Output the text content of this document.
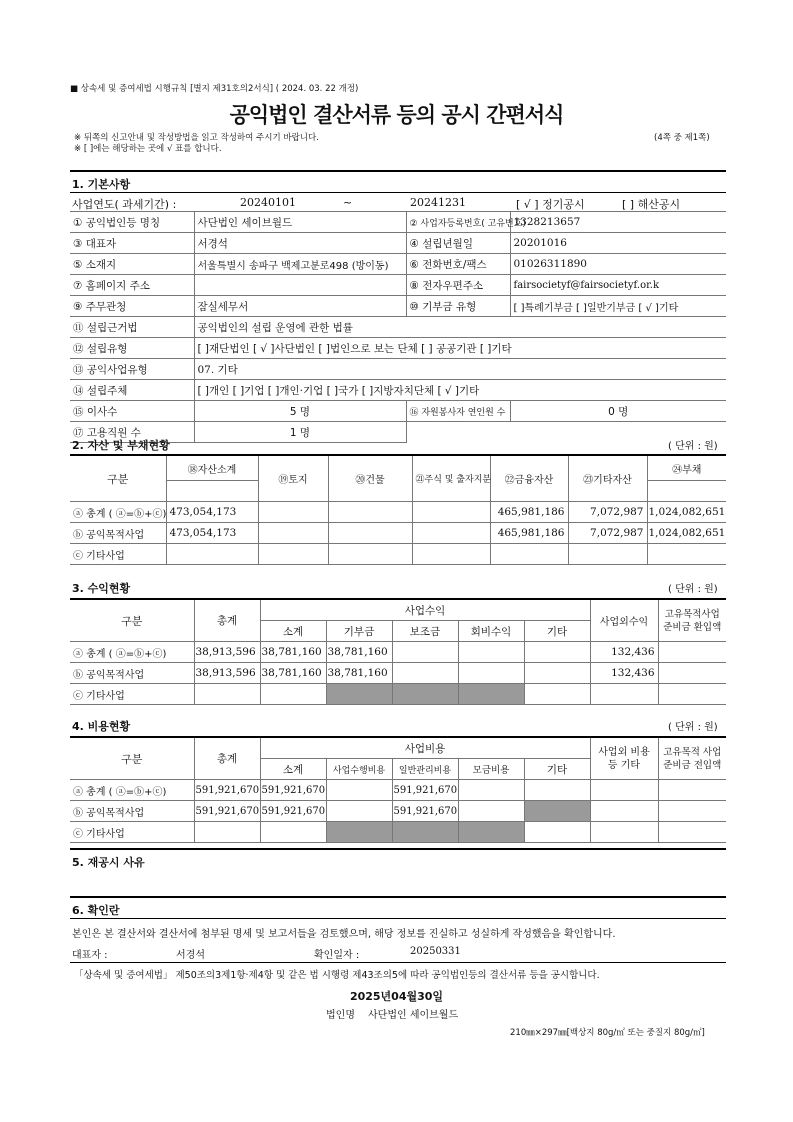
■ 상속세 및 증여세법 시행규칙 [별지 제31호의2서식] ( 2024. 03. 22 개정)
공익법인 결산서류 등의 공시 간편서식
※ 뒤쪽의 신고안내 및 작성방법을 읽고 작성하여 주시기 바랍니다.
※ [ ]에는 해당하는 곳에 √ 표를 합니다.
(4쪽 중 제1쪽)
1. 기본사항
사업연도( 과세기간) :	20240101	~	20241231	[ √ ] 정기공시	[ ] 해산공시
① 공익법인등 명칭	사단법인 세이브월드	② 사업자등록번호( 고유번호)	1328213657
③ 대표자	서경석	④ 설립년월일	20201016
⑤ 소재지	서울특별시 송파구 백제고분로498 (방이동)	⑥ 전화번호/팩스	01026311890
⑦ 홈페이지 주소		⑧ 전자우편주소	fairsocietyf@fairsocietyf.or.k
⑨ 주무관청	잠실세무서	⑩ 기부금 유형	[ ]특례기부금 [ ]일반기부금 [ √ ]기타
⑪ 설립근거법	공익법인의 설립 운영에 관한 법률		
⑫ 설립유형	[ ]재단법인 [ √ ]사단법인 [ ]법인으로 보는 단체 [ ] 공공기관 [ ]기타		
⑬ 공익사업유형	07. 기타		
⑭ 설립주체	[ ]개인 [ ]기업 [ ]개인·기업 [ ]국가 [ ]지방자치단체 [ √ ]기타		
⑮ 이사수	5 명	⑯ 자원봉사자 연인원 수	0 명
⑰ 고용직원 수	1 명		
2. 자산 및 부채현황	( 단위 : 원)
구분	⑱자산소계	⑲토지	⑳건물	㉑주식 및 출자지분	㉒금융자산	㉓기타자산	㉔부채

ⓐ 총계 ( ⓐ=ⓑ+ⓒ)	473,054,173				465,981,186	7,072,987	1,024,082,651
ⓑ 공익목적사업	473,054,173				465,981,186	7,072,987	1,024,082,651
ⓒ 기타사업							
3. 수익현황	( 단위 : 원)
구분	총계	사업수익					사업외수익	고유목적사업 준비금 환입액
		소계	기부금	보조금	회비수익	기타		
ⓐ 총계 ( ⓐ=ⓑ+ⓒ)	38,913,596	38,781,160	38,781,160				132,436	
ⓑ 공익목적사업	38,913,596	38,781,160	38,781,160				132,436	
ⓒ 기타사업								
4. 비용현황	( 단위 : 원)
구분	총계	사업비용					사업외 비용 등 기타	고유목적 사업준비금 전입액
		소계	사업수행비용	일반관리비용	모금비용	기타		
ⓐ 총계 ( ⓐ=ⓑ+ⓒ)	591,921,670	591,921,670		591,921,670				
ⓑ 공익목적사업	591,921,670	591,921,670		591,921,670				
ⓒ 기타사업								
5. 재공시 사유
6. 확인란
본인은 본 결산서와 결산서에 첨부된 명세 및 보고서들을 검토했으며, 해당 정보를 진실하고 성실하게 작성했음을 확인합니다.
대표자 :	서경석	확인일자 :	20250331
「상속세 및 증여세법」 제50조의3제1항·제4항 및 같은 법 시행령 제43조의5에 따라 공익법인등의 결산서류 등을 공시합니다.
2025년04월30일
법인명 사단법인 세이브월드
210㎜×297㎜[백상지 80g/㎡ 또는 중질지 80g/㎡]
